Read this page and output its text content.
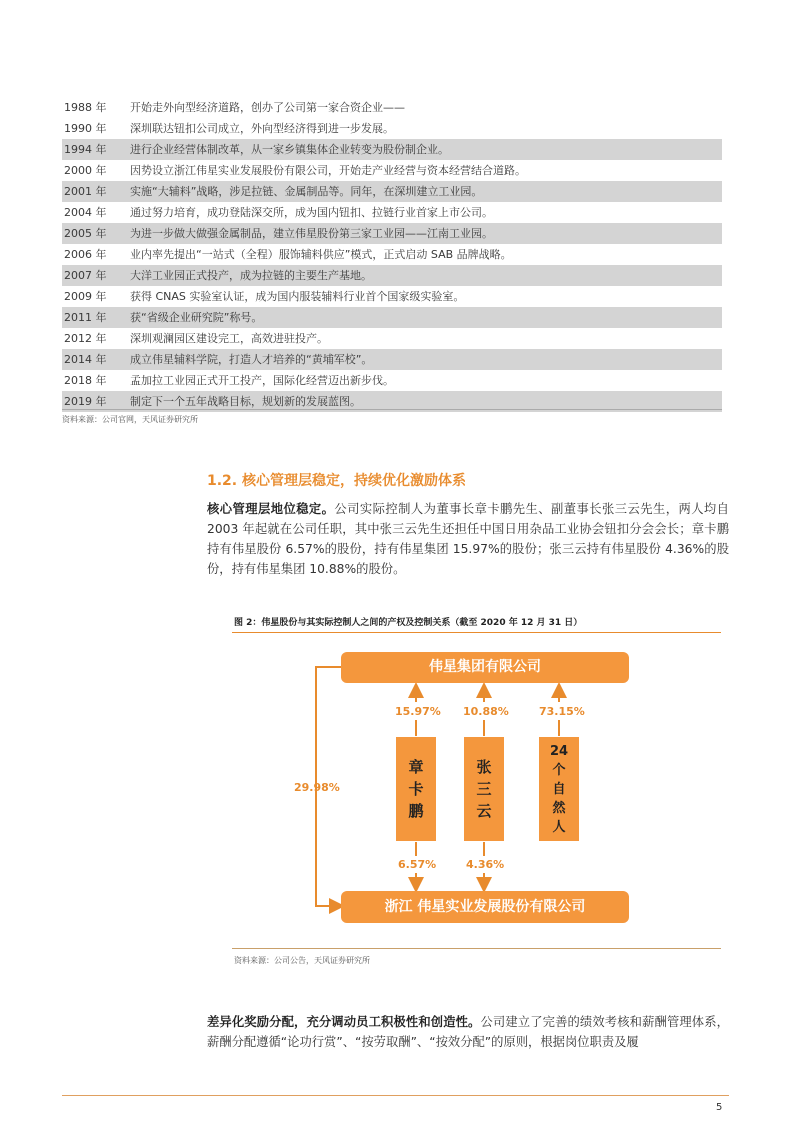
1988 年	开始走外向型经济道路，创办了公司第一家合资企业——
1990 年	深圳联达钮扣公司成立，外向型经济得到进一步发展。
1994 年	进行企业经营体制改革，从一家乡镇集体企业转变为股份制企业。
2000 年	因势设立浙江伟星实业发展股份有限公司，开始走产业经营与资本经营结合道路。
2001 年	实施“大辅料”战略，涉足拉链、金属制品等。同年，在深圳建立工业园。
2004 年	通过努力培育，成功登陆深交所，成为国内钮扣、拉链行业首家上市公司。
2005 年	为进一步做大做强金属制品，建立伟星股份第三家工业园——江南工业园。
2006 年	业内率先提出“一站式（全程）服饰辅料供应”模式，正式启动 SAB 品牌战略。
2007 年	大洋工业园正式投产，成为拉链的主要生产基地。
2009 年	获得 CNAS 实验室认证，成为国内服装辅料行业首个国家级实验室。
2011 年	获“省级企业研究院”称号。
2012 年	深圳观澜园区建设完工，高效进驻投产。
2014 年	成立伟星辅料学院，打造人才培养的“黄埔军校”。
2018 年	孟加拉工业园正式开工投产，国际化经营迈出新步伐。
2019 年	制定下一个五年战略目标，规划新的发展蓝图。
资料来源：公司官网，天风证券研究所
1.2. 核心管理层稳定，持续优化激励体系
核心管理层地位稳定。公司实际控制人为董事长章卡鹏先生、副董事长张三云先生，两人均自 2003 年起就在公司任职，其中张三云先生还担任中国日用杂品工业协会钮扣分会会长；章卡鹏持有伟星股份 6.57%的股份，持有伟星集团 15.97%的股份；张三云持有伟星股份 4.36%的股份，持有伟星集团 10.88%的股份。
图 2：伟星股份与其实际控制人之间的产权及控制关系（截至 2020 年 12 月 31 日）
伟星集团有限公司
浙江 伟星实业发展股份有限公司
15.97% 10.88%	73.15%
章
卡
鹏
张
三
云
24
个
自
然
人
6.57%	4.36%
29.98%
资料来源：公司公告，天风证券研究所
差异化奖励分配，充分调动员工积极性和创造性。公司建立了完善的绩效考核和薪酬管理体系，薪酬分配遵循“论功行赏”、“按劳取酬”、“按效分配”的原则，根据岗位职责及履
5
